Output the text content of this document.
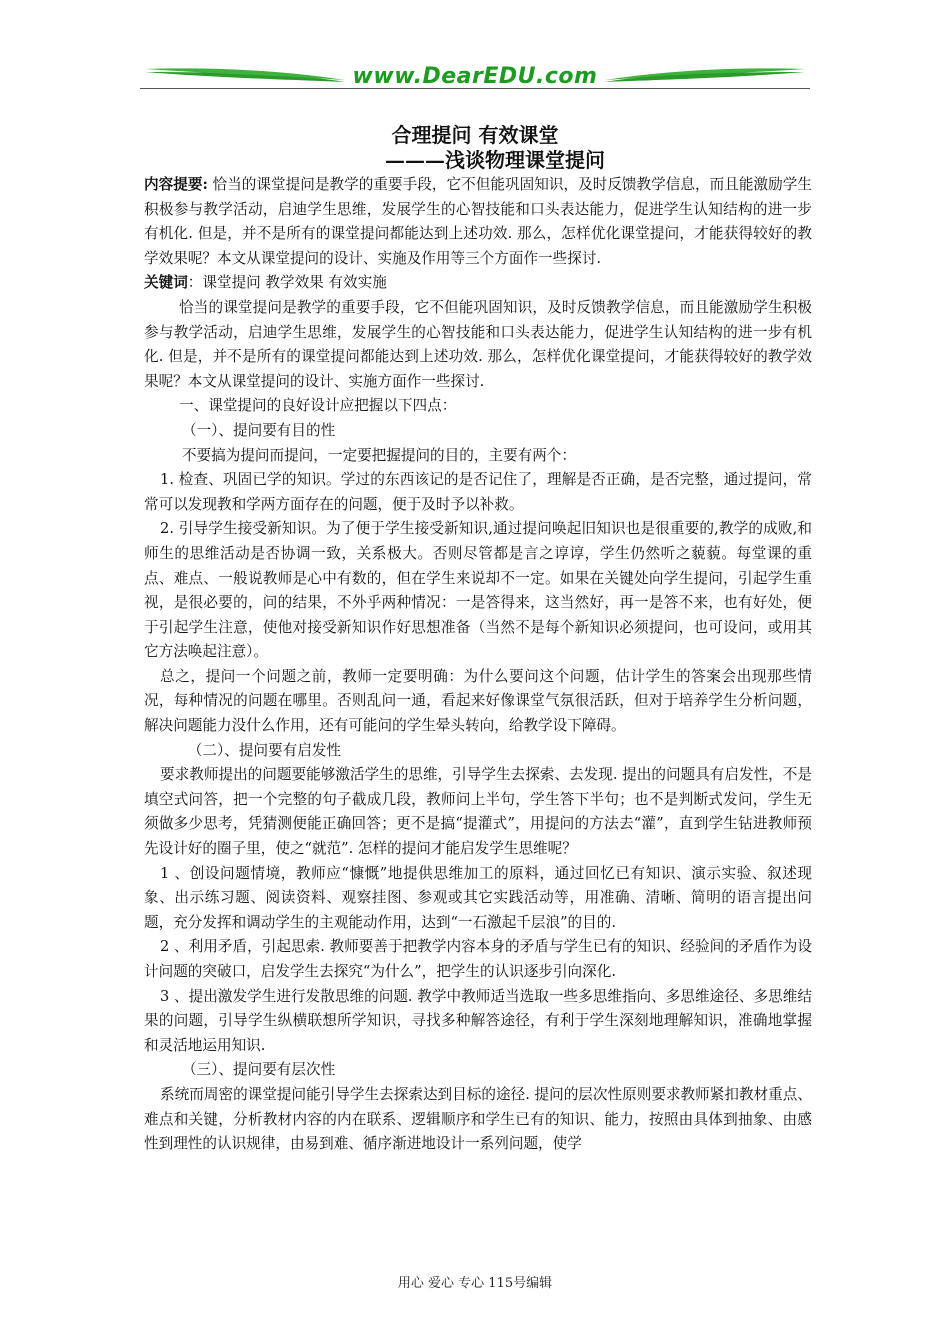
www.DearEDU.com
合理提问 有效课堂
———浅谈物理课堂提问

内容提要: 恰当的课堂提问是教学的重要手段，它不但能巩固知识，及时反馈教学信息，而且能激励学生积极参与教学活动，启迪学生思维，发展学生的心智技能和口头表达能力，促进学生认知结构的进一步有机化. 但是，并不是所有的课堂提问都能达到上述功效. 那么，怎样优化课堂提问，才能获得较好的教学效果呢？本文从课堂提问的设计、实施及作用等三个方面作一些探讨.

关键词：课堂提问 教学效果 有效实施

恰当的课堂提问是教学的重要手段，它不但能巩固知识，及时反馈教学信息，而且能激励学生积极参与教学活动，启迪学生思维，发展学生的心智技能和口头表达能力，促进学生认知结构的进一步有机化. 但是，并不是所有的课堂提问都能达到上述功效. 那么，怎样优化课堂提问，才能获得较好的教学效果呢？本文从课堂提问的设计、实施方面作一些探讨.

一、课堂提问的良好设计应把握以下四点：

（一）、提问要有目的性

不要搞为提问而提问，一定要把握提问的目的，主要有两个：

1. 检查、巩固已学的知识。学过的东西该记的是否记住了，理解是否正确，是否完整，通过提问，常常可以发现教和学两方面存在的问题，便于及时予以补救。

2. 引导学生接受新知识。为了便于学生接受新知识,通过提问唤起旧知识也是很重要的,教学的成败,和师生的思维活动是否协调一致，关系极大。否则尽管都是言之谆谆，学生仍然听之藐藐。每堂课的重点、难点、一般说教师是心中有数的，但在学生来说却不一定。如果在关键处向学生提问，引起学生重视，是很必要的，问的结果，不外乎两种情况：一是答得来，这当然好，再一是答不来，也有好处，便于引起学生注意，使他对接受新知识作好思想准备（当然不是每个新知识必须提问，也可设问，或用其它方法唤起注意）。

总之，提问一个问题之前，教师一定要明确：为什么要问这个问题，估计学生的答案会出现那些情况，每种情况的问题在哪里。否则乱问一通，看起来好像课堂气氛很活跃，但对于培养学生分析问题，解决问题能力没什么作用，还有可能问的学生晕头转向，给教学设下障碍。

（二）、提问要有启发性

要求教师提出的问题要能够激活学生的思维，引导学生去探索、去发现. 提出的问题具有启发性，不是填空式问答，把一个完整的句子截成几段，教师问上半句，学生答下半句；也不是判断式发问，学生无须做多少思考，凭猜测便能正确回答；更不是搞“提灌式”，用提问的方法去“灌”，直到学生钻进教师预先设计好的圈子里，使之“就范”. 怎样的提问才能启发学生思维呢？

1 、创设问题情境，教师应“慷慨”地提供思维加工的原料，通过回忆已有知识、演示实验、叙述现象、出示练习题、阅读资料、观察挂图、参观或其它实践活动等，用准确、清晰、简明的语言提出问题，充分发挥和调动学生的主观能动作用，达到“一石激起千层浪”的目的.

2 、利用矛盾，引起思索. 教师要善于把教学内容本身的矛盾与学生已有的知识、经验间的矛盾作为设计问题的突破口，启发学生去探究“为什么”，把学生的认识逐步引向深化.

3 、提出激发学生进行发散思维的问题. 教学中教师适当选取一些多思维指向、多思维途径、多思维结果的问题，引导学生纵横联想所学知识，寻找多种解答途径，有利于学生深刻地理解知识，准确地掌握和灵活地运用知识.

（三）、提问要有层次性

系统而周密的课堂提问能引导学生去探索达到目标的途径. 提问的层次性原则要求教师紧扣教材重点、难点和关键，分析教材内容的内在联系、逻辑顺序和学生已有的知识、能力，按照由具体到抽象、由感性到理性的认识规律，由易到难、循序渐进地设计一系列问题，使学

用心 爱心 专心 115号编辑
